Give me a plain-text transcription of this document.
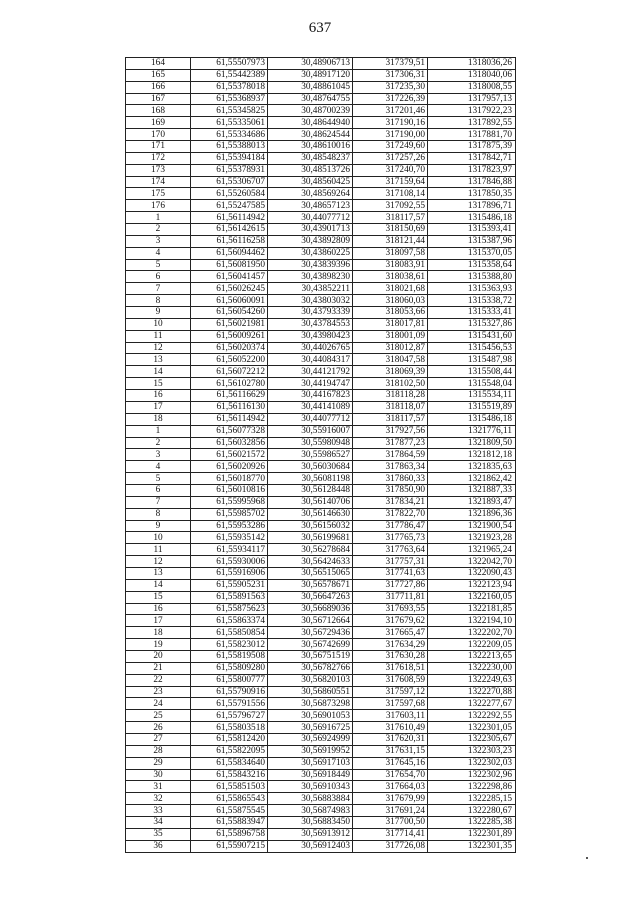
637
164	61,55507973	30,48906713	317379,51	1318036,26
165	61,55442389	30,48917120	317306,31	1318040,06
166	61,55378018	30,48861045	317235,30	1318008,55
167	61,55368937	30,48764755	317226,39	1317957,13
168	61,55345825	30,48700239	317201,46	1317922,23
169	61,55335061	30,48644940	317190,16	1317892,55
170	61,55334686	30,48624544	317190,00	1317881,70
171	61,55388013	30,48610016	317249,60	1317875,39
172	61,55394184	30,48548237	317257,26	1317842,71
173	61,55378931	30,48513726	317240,70	1317823,97
174	61,55306707	30,48560425	317159,64	1317846,88
175	61,55260584	30,48569264	317108,14	1317850,35
176	61,55247585	30,48657123	317092,55	1317896,71
1	61,56114942	30,44077712	318117,57	1315486,18
2	61,56142615	30,43901713	318150,69	1315393,41
3	61,56116258	30,43892809	318121,44	1315387,96
4	61,56094462	30,43860225	318097,58	1315370,05
5	61,56081950	30,43839396	318083,91	1315358,64
6	61,56041457	30,43898230	318038,61	1315388,80
7	61,56026245	30,43852211	318021,68	1315363,93
8	61,56060091	30,43803032	318060,03	1315338,72
9	61,56054260	30,43793339	318053,66	1315333,41
10	61,56021981	30,43784553	318017,81	1315327,86
11	61,56009261	30,43980423	318001,09	1315431,60
12	61,56020374	30,44026765	318012,87	1315456,53
13	61,56052200	30,44084317	318047,58	1315487,98
14	61,56072212	30,44121792	318069,39	1315508,44
15	61,56102780	30,44194747	318102,50	1315548,04
16	61,56116629	30,44167823	318118,28	1315534,11
17	61,56116130	30,44141089	318118,07	1315519,89
18	61,56114942	30,44077712	318117,57	1315486,18
1	61,56077328	30,55916007	317927,56	1321776,11
2	61,56032856	30,55980948	317877,23	1321809,50
3	61,56021572	30,55986527	317864,59	1321812,18
4	61,56020926	30,56030684	317863,34	1321835,63
5	61,56018770	30,56081198	317860,33	1321862,42
6	61,56010816	30,56128448	317850,90	1321887,33
7	61,55995968	30,56140706	317834,21	1321893,47
8	61,55985702	30,56146630	317822,70	1321896,36
9	61,55953286	30,56156032	317786,47	1321900,54
10	61,55935142	30,56199681	317765,73	1321923,28
11	61,55934117	30,56278684	317763,64	1321965,24
12	61,55930006	30,56424633	317757,31	1322042,70
13	61,55916906	30,56515065	317741,63	1322090,43
14	61,55905231	30,56578671	317727,86	1322123,94
15	61,55891563	30,56647263	317711,81	1322160,05
16	61,55875623	30,56689036	317693,55	1322181,85
17	61,55863374	30,56712664	317679,62	1322194,10
18	61,55850854	30,56729436	317665,47	1322202,70
19	61,55823012	30,56742699	317634,29	1322209,05
20	61,55819508	30,56751519	317630,28	1322213,65
21	61,55809280	30,56782766	317618,51	1322230,00
22	61,55800777	30,56820103	317608,59	1322249,63
23	61,55790916	30,56860551	317597,12	1322270,88
24	61,55791556	30,56873298	317597,68	1322277,67
25	61,55796727	30,56901053	317603,11	1322292,55
26	61,55803518	30,56916725	317610,49	1322301,05
27	61,55812420	30,56924999	317620,31	1322305,67
28	61,55822095	30,56919952	317631,15	1322303,23
29	61,55834640	30,56917103	317645,16	1322302,03
30	61,55843216	30,56918449	317654,70	1322302,96
31	61,55851503	30,56910343	317664,03	1322298,86
32	61,55865543	30,56883884	317679,99	1322285,15
33	61,55875545	30,56874983	317691,24	1322280,67
34	61,55883947	30,56883450	317700,50	1322285,38
35	61,55896758	30,56913912	317714,41	1322301,89
36	61,55907215	30,56912403	317726,08	1322301,35
